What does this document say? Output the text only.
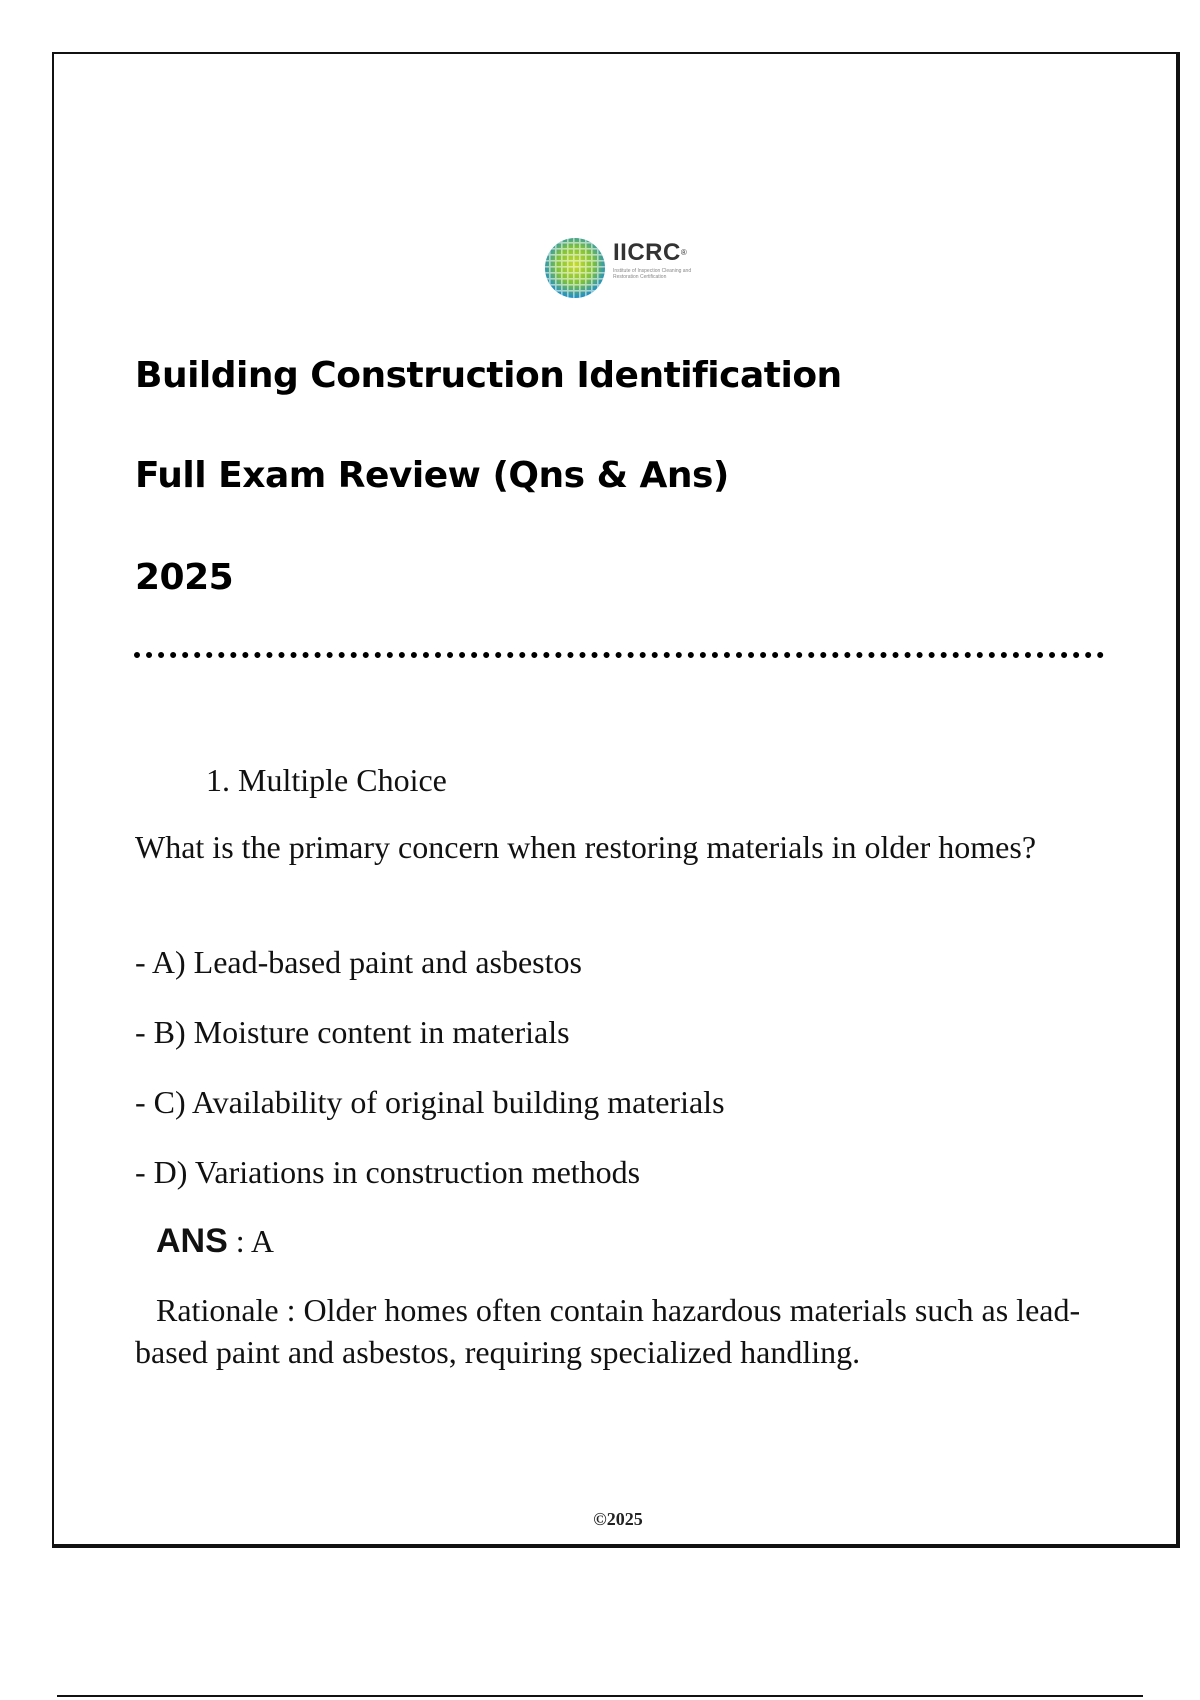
IICRC®
Institute of Inspection Cleaning and Restoration Certification
Building Construction Identification
Full Exam Review (Qns & Ans)
2025
1. Multiple Choice
What is the primary concern when restoring materials in older homes?
- A) Lead-based paint and asbestos
- B) Moisture content in materials
- C) Availability of original building materials
- D) Variations in construction methods
ANS : A
Rationale : Older homes often contain hazardous materials such as lead-based paint and asbestos, requiring specialized handling.
©2025
